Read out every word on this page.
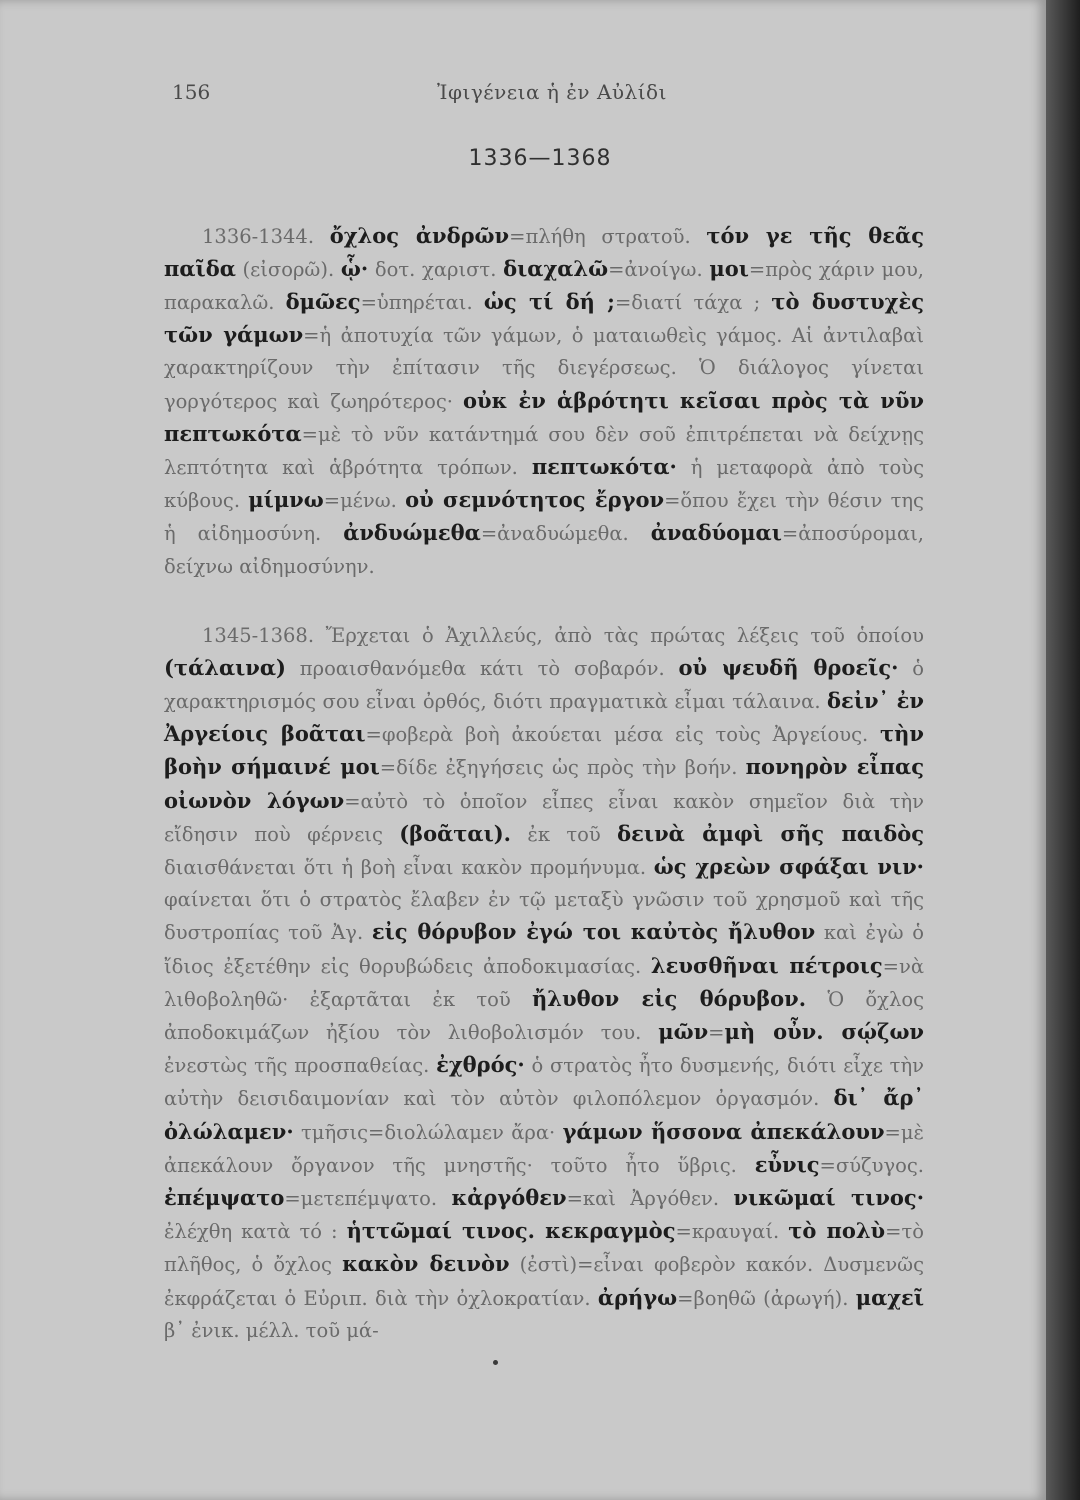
156	Ἰφιγένεια ἡ ἐν Αὐλίδι
1336—1368

1336-1344. ὄχλος ἀνδρῶν=πλήθη στρατοῦ. τόν γε τῆς θεᾶς παῖδα (εἰσορῶ). ᾧ· δοτ. χαριστ. διαχαλῶ=ἀνοίγω. μοι=πρὸς χάριν μου, παρακαλῶ. δμῶες=ὑπηρέται. ὡς τί δή ;=διατί τάχα ; τὸ δυστυχὲς τῶν γάμων=ἡ ἀποτυχία τῶν γάμων, ὁ ματαιωθεὶς γάμος. Αἱ ἀντιλαβαὶ χαρακτηρίζουν τὴν ἐπίτασιν τῆς διεγέρσεως. Ὁ διάλογος γίνεται γοργότερος καὶ ζωηρότερος· οὐκ ἐν ἁβρότητι κεῖσαι πρὸς τὰ νῦν πεπτωκότα=μὲ τὸ νῦν κατάντημά σου δὲν σοῦ ἐπιτρέπεται νὰ δείχνῃς λεπτότητα καὶ ἁβρότητα τρόπων. πεπτωκότα· ἡ μεταφορὰ ἀπὸ τοὺς κύβους. μίμνω=μένω. οὐ σεμνότητος ἔργον=ὅπου ἔχει τὴν θέσιν της ἡ αἰδημοσύνη. ἀνδυώμεθα=ἀναδυώμεθα. ἀναδύομαι=ἀποσύρομαι, δείχνω αἰδημοσύνην.

1345-1368. Ἔρχεται ὁ Ἀχιλλεύς, ἀπὸ τὰς πρώτας λέξεις τοῦ ὁποίου (τάλαινα) προαισθανόμεθα κάτι τὸ σοβαρόν. οὐ ψευδῆ θροεῖς· ὁ χαρακτηρισμός σου εἶναι ὀρθός, διότι πραγματικὰ εἶμαι τάλαινα. δεἰν᾽ ἐν Ἀργείοις βοᾶται=φοβερὰ βοὴ ἀκούεται μέσα εἰς τοὺς Ἀργείους. τὴν βοὴν σήμαινέ μοι=δίδε ἐξηγήσεις ὡς πρὸς τὴν βοήν. πονηρὸν εἶπας οἰωνὸν λόγων=αὐτὸ τὸ ὁποῖον εἶπες εἶναι κακὸν σημεῖον διὰ τὴν εἴδησιν ποὺ φέρνεις (βοᾶται). ἐκ τοῦ δεινὰ ἀμφὶ σῆς παιδὸς διαισθάνεται ὅτι ἡ βοὴ εἶναι κακὸν προμήνυμα. ὡς χρεὼν σφάξαι νιν· φαίνεται ὅτι ὁ στρατὸς ἔλαβεν ἐν τῷ μεταξὺ γνῶσιν τοῦ χρησμοῦ καὶ τῆς δυστροπίας τοῦ Ἀγ. εἰς θόρυβον ἐγώ τοι καὐτὸς ἤλυθον καὶ ἐγὼ ὁ ἴδιος ἐξετέθην εἰς θορυβώδεις ἀποδοκιμασίας. λευσθῆναι πέτροις=νὰ λιθοβοληθῶ· ἐξαρτᾶται ἐκ τοῦ ἤλυθον εἰς θόρυβον. Ὁ ὄχλος ἀποδοκιμάζων ἠξίου τὸν λιθοβολισμόν του. μῶν=μὴ οὖν. σῴζων ἐνεστὼς τῆς προσπαθείας. ἐχθρός· ὁ στρατὸς ἦτο δυσμενής, διότι εἶχε τὴν αὐτὴν δεισιδαιμονίαν καὶ τὸν αὐτὸν φιλοπόλεμον ὀργασμόν. δι᾽ ἄρ᾽ ὀλώλαμεν· τμῆσις=διολώλαμεν ἄρα· γάμων ἥσσονα ἀπεκάλουν=μὲ ἀπεκάλουν ὄργανον τῆς μνηστῆς· τοῦτο ἦτο ὕβρις. εὖνις=σύζυγος. ἐπέμψατο=μετεπέμψατο. κἀργόθεν=καὶ Ἀργόθεν. νικῶμαί τινος· ἐλέχθη κατὰ τό : ἡττῶμαί τινος. κεκραγμὸς=κραυγαί. τὸ πολὺ=τὸ πλῆθος, ὁ ὄχλος κακὸν δεινὸν (ἐστὶ)=εἶναι φοβερὸν κακόν. Δυσμενῶς ἐκφράζεται ὁ Εὐριπ. διὰ τὴν ὀχλοκρατίαν. ἀρήγω=βοηθῶ (ἀρωγή). μαχεῖ β᾽ ἐνικ. μέλλ. τοῦ μά-
